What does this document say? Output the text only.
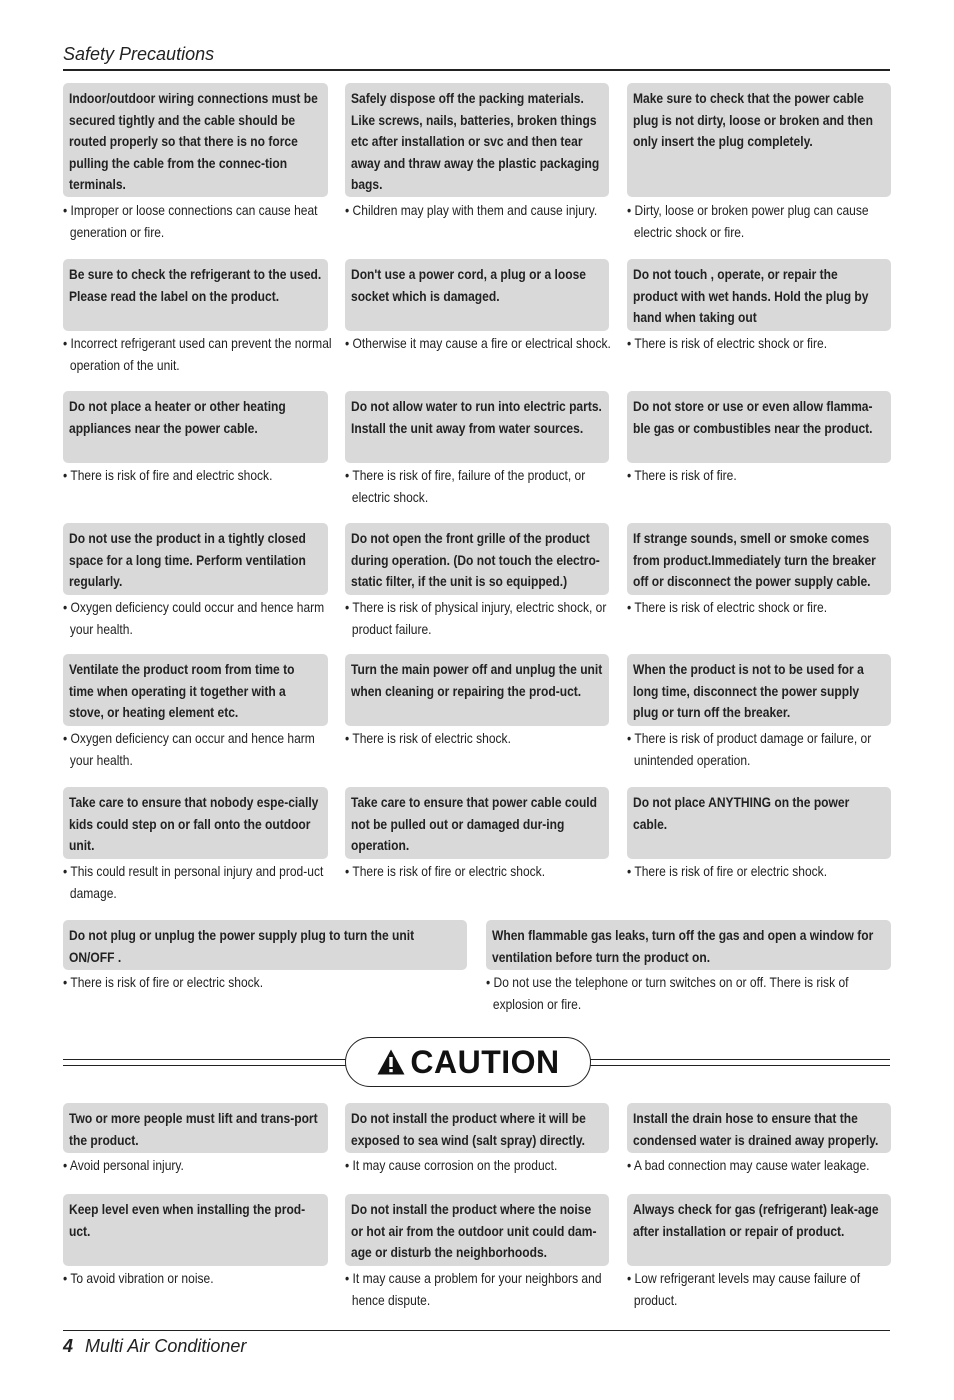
Safety Precautions
Indoor/outdoor wiring connections must be secured tightly and the cable should be routed properly so that there is no force pulling the cable from the connec-tion terminals.
• Improper or loose connections can cause heat generation or fire.
Safely dispose off the packing materials. Like screws, nails, batteries, broken things etc after installation or svc and then tear away and thraw away the plastic packaging bags.
• Children may play with them and cause injury.
Make sure to check that the power cable plug is not dirty, loose or broken and then only insert the plug completely.
• Dirty, loose or broken power plug can cause electric shock or fire.
Be sure to check the refrigerant to the used. Please read the label on the product.
• Incorrect refrigerant used can prevent the normal operation of the unit.
Don't use a power cord, a plug or a loose socket which is damaged.
• Otherwise it may cause a fire or electrical shock.
Do not touch , operate, or repair the product with wet hands. Hold the plug by hand when taking out
• There is risk of electric shock or fire.
Do not place a heater or other heating appliances near the power cable.
• There is risk of fire and electric shock.
Do not allow water to run into electric parts. Install the unit away from water sources.
• There is risk of fire, failure of the product, or electric shock.
Do not store or use or even allow flamma-ble gas or combustibles near the product.
• There is risk of fire.
Do not use the product in a tightly closed space for a long time. Perform ventilation regularly.
• Oxygen deficiency could occur and hence harm your health.
Do not open the front grille of the product during operation. (Do not touch the electro-static filter, if the unit is so equipped.)
• There is risk of physical injury, electric shock, or product failure.
If strange sounds, smell or smoke comes from product.Immediately turn the breaker off or disconnect the power supply cable.
• There is risk of electric shock or fire.
Ventilate the product room from time to time when operating it together with a stove, or heating element etc.
• Oxygen deficiency can occur and hence harm your health.
Turn the main power off and unplug the unit when cleaning or repairing the prod-uct.
• There is risk of electric shock.
When the product is not to be used for a long time, disconnect the power supply plug or turn off the breaker.
• There is risk of product damage or failure, or unintended operation.
Take care to ensure that nobody espe-cially kids could step on or fall onto the outdoor unit.
• This could result in personal injury and prod-uct damage.
Take care to ensure that power cable could not be pulled out or damaged dur-ing operation.
• There is risk of fire or electric shock.
Do not place ANYTHING on the power cable.
• There is risk of fire or electric shock.
Do not plug or unplug the power supply plug to turn the unit ON/OFF .
• There is risk of fire or electric shock.
When flammable gas leaks, turn off the gas and open a window for ventilation before turn the product on.
• Do not use the telephone or turn switches on or off. There is risk of explosion or fire.
CAUTION
Two or more people must lift and trans-port the product.
• Avoid personal injury.
Do not install the product where it will be exposed to sea wind (salt spray) directly.
• It may cause corrosion on the product.
Install the drain hose to ensure that the condensed water is drained away properly.
• A bad connection may cause water leakage.
Keep level even when installing the prod-uct.
• To avoid vibration or noise.
Do not install the product where the noise or hot air from the outdoor unit could dam-age or disturb the neighborhoods.
• It may cause a problem for your neighbors and hence dispute.
Always check for gas (refrigerant) leak-age after installation or repair of product.
• Low refrigerant levels may cause failure of product.
4 Multi Air Conditioner
